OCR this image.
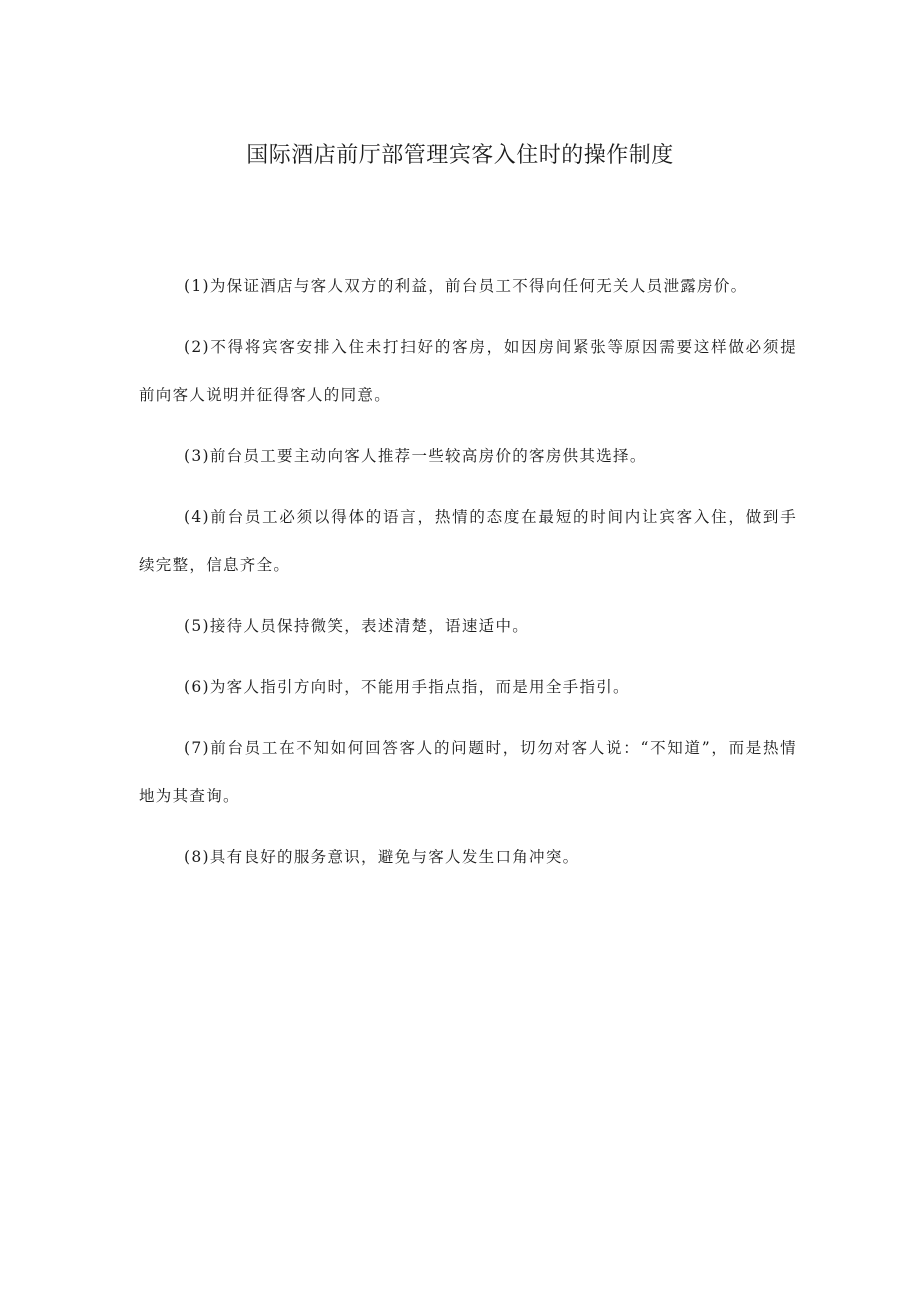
国际酒店前厅部管理宾客入住时的操作制度

(1)为保证酒店与客人双方的利益，前台员工不得向任何无关人员泄露房价。

(2)不得将宾客安排入住未打扫好的客房，如因房间紧张等原因需要这样做必须提前向客人说明并征得客人的同意。

(3)前台员工要主动向客人推荐一些较高房价的客房供其选择。

(4)前台员工必须以得体的语言，热情的态度在最短的时间内让宾客入住，做到手续完整，信息齐全。

(5)接待人员保持微笑，表述清楚，语速适中。

(6)为客人指引方向时，不能用手指点指，而是用全手指引。

(7)前台员工在不知如何回答客人的问题时，切勿对客人说：“不知道”，而是热情地为其查询。

(8)具有良好的服务意识，避免与客人发生口角冲突。
